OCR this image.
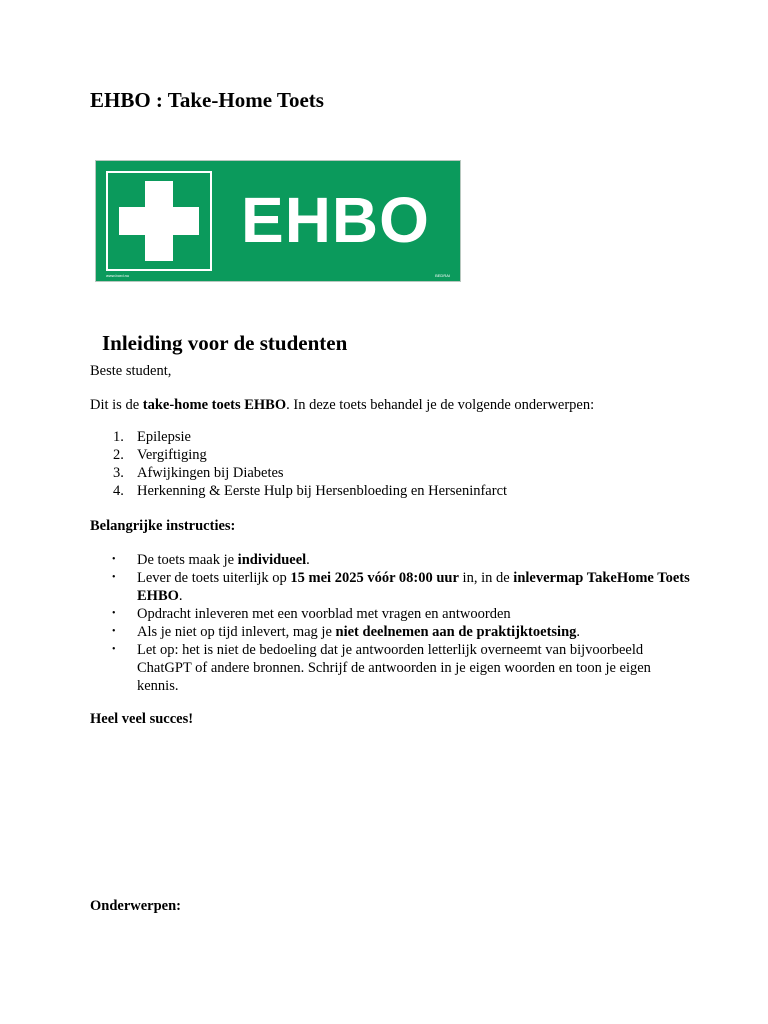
EHBO : Take-Home Toets
EHBO
www.bord.nu	BEDRAI
Inleiding voor de studenten

Beste student,

Dit is de take-home toets EHBO. In deze toets behandel je de volgende onderwerpen:

1. Epilepsie
2. Vergiftiging
3. Afwijkingen bij Diabetes
4. Herkenning & Eerste Hulp bij Hersenbloeding en Herseninfarct

Belangrijke instructies:

• De toets maak je individueel.
• Lever de toets uiterlijk op 15 mei 2025 vóór 08:00 uur in, in de inlevermap TakeHome Toets EHBO.
• Opdracht inleveren met een voorblad met vragen en antwoorden
• Als je niet op tijd inlevert, mag je niet deelnemen aan de praktijktoetsing.
• Let op: het is niet de bedoeling dat je antwoorden letterlijk overneemt van bijvoorbeeld ChatGPT of andere bronnen. Schrijf de antwoorden in je eigen woorden en toon je eigen kennis.

Heel veel succes!

Onderwerpen:
